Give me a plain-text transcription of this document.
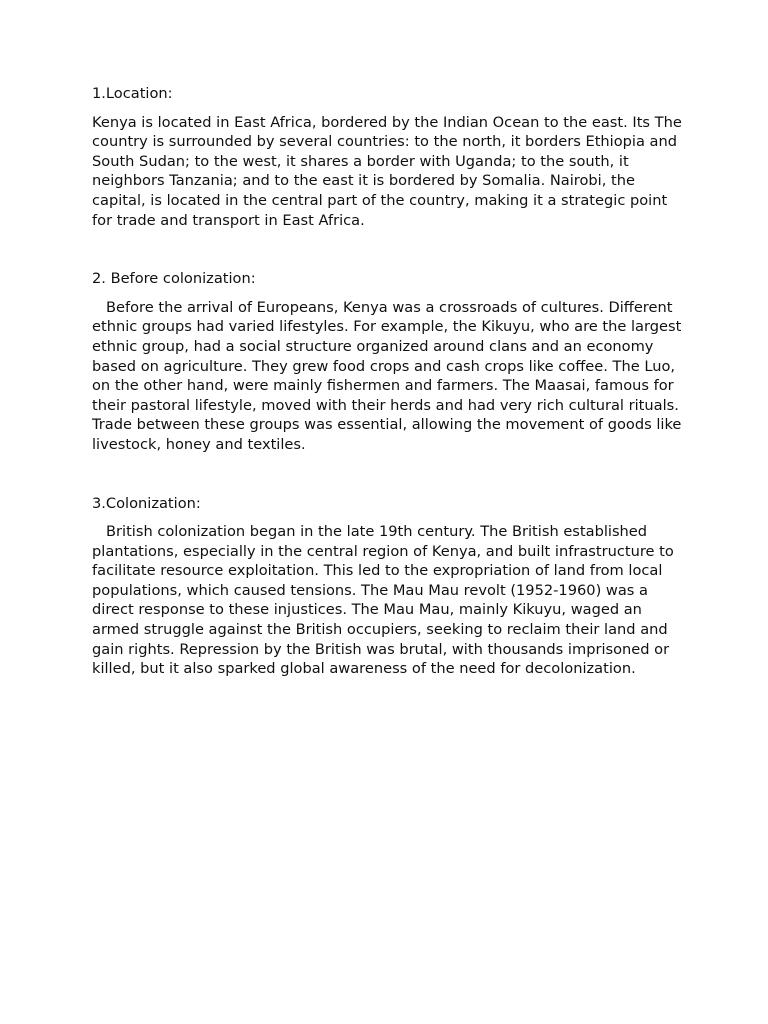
1.Location:

Kenya is located in East Africa, bordered by the Indian Ocean to the east. Its The country is surrounded by several countries: to the north, it borders Ethiopia and South Sudan; to the west, it shares a border with Uganda; to the south, it neighbors Tanzania; and to the east it is bordered by Somalia. Nairobi, the capital, is located in the central part of the country, making it a strategic point for trade and transport in East Africa.

2. Before colonization:

Before the arrival of Europeans, Kenya was a crossroads of cultures. Different ethnic groups had varied lifestyles. For example, the Kikuyu, who are the largest ethnic group, had a social structure organized around clans and an economy based on agriculture. They grew food crops and cash crops like coffee. The Luo, on the other hand, were mainly fishermen and farmers. The Maasai, famous for their pastoral lifestyle, moved with their herds and had very rich cultural rituals. Trade between these groups was essential, allowing the movement of goods like livestock, honey and textiles.

3.Colonization:

British colonization began in the late 19th century. The British established plantations, especially in the central region of Kenya, and built infrastructure to facilitate resource exploitation. This led to the expropriation of land from local populations, which caused tensions. The Mau Mau revolt (1952-1960) was a direct response to these injustices. The Mau Mau, mainly Kikuyu, waged an armed struggle against the British occupiers, seeking to reclaim their land and gain rights. Repression by the British was brutal, with thousands imprisoned or killed, but it also sparked global awareness of the need for decolonization.
